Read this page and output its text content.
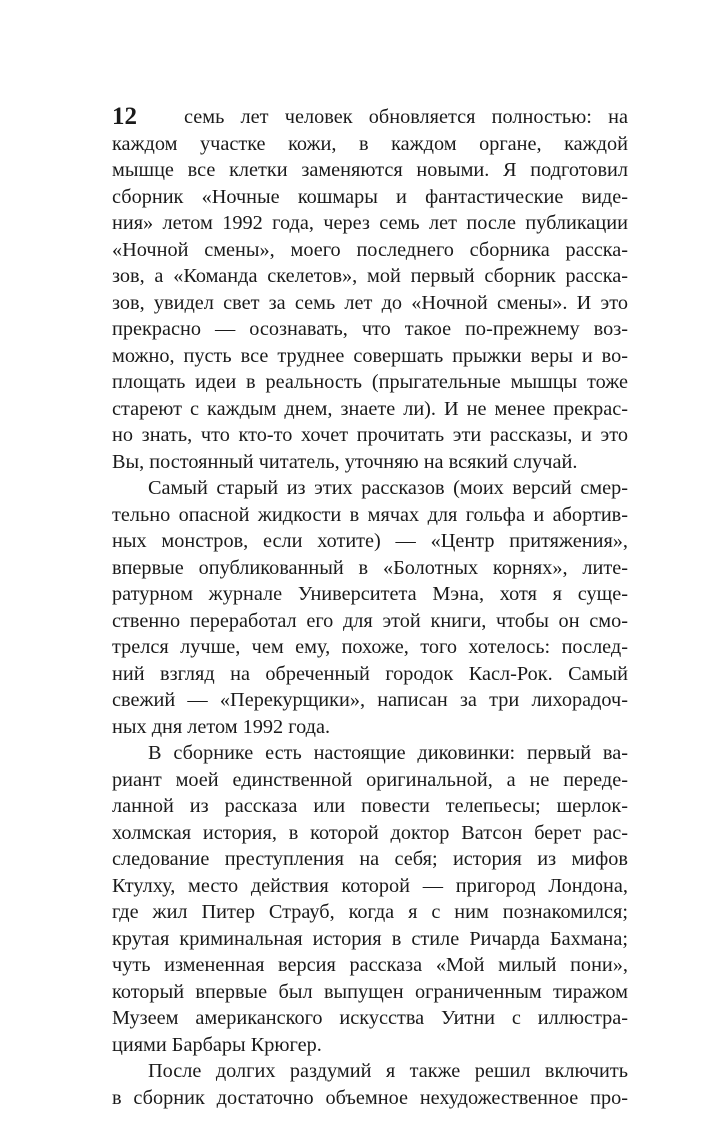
12 семь лет человек обновляется полностью: на
каждом участке кожи, в каждом органе, каждой
мышце все клетки заменяются новыми. Я подготовил
сборник «Ночные кошмары и фантастические виде-
ния» летом 1992 года, через семь лет после публикации
«Ночной смены», моего последнего сборника расска-
зов, а «Команда скелетов», мой первый сборник расска-
зов, увидел свет за семь лет до «Ночной смены». И это
прекрасно — осознавать, что такое по-прежнему воз-
можно, пусть все труднее совершать прыжки веры и во-
площать идеи в реальность (прыгательные мышцы тоже
стареют с каждым днем, знаете ли). И не менее прекрас-
но знать, что кто-то хочет прочитать эти рассказы, и это
Вы, постоянный читатель, уточняю на всякий случай.
Самый старый из этих рассказов (моих версий смер-
тельно опасной жидкости в мячах для гольфа и абортив-
ных монстров, если хотите) — «Центр притяжения»,
впервые опубликованный в «Болотных корнях», лите-
ратурном журнале Университета Мэна, хотя я суще-
ственно переработал его для этой книги, чтобы он смо-
трелся лучше, чем ему, похоже, того хотелось: послед-
ний взгляд на обреченный городок Касл-Рок. Самый
свежий — «Перекурщики», написан за три лихорадоч-
ных дня летом 1992 года.
В сборнике есть настоящие диковинки: первый ва-
риант моей единственной оригинальной, а не переде-
ланной из рассказа или повести телепьесы; шерлок-
холмская история, в которой доктор Ватсон берет рас-
следование преступления на себя; история из мифов
Ктулху, место действия которой — пригород Лондона,
где жил Питер Страуб, когда я с ним познакомился;
крутая криминальная история в стиле Ричарда Бахмана;
чуть измененная версия рассказа «Мой милый пони»,
который впервые был выпущен ограниченным тиражом
Музеем американского искусства Уитни с иллюстра-
циями Барбары Крюгер.
После долгих раздумий я также решил включить
в сборник достаточно объемное нехудожественное про-
